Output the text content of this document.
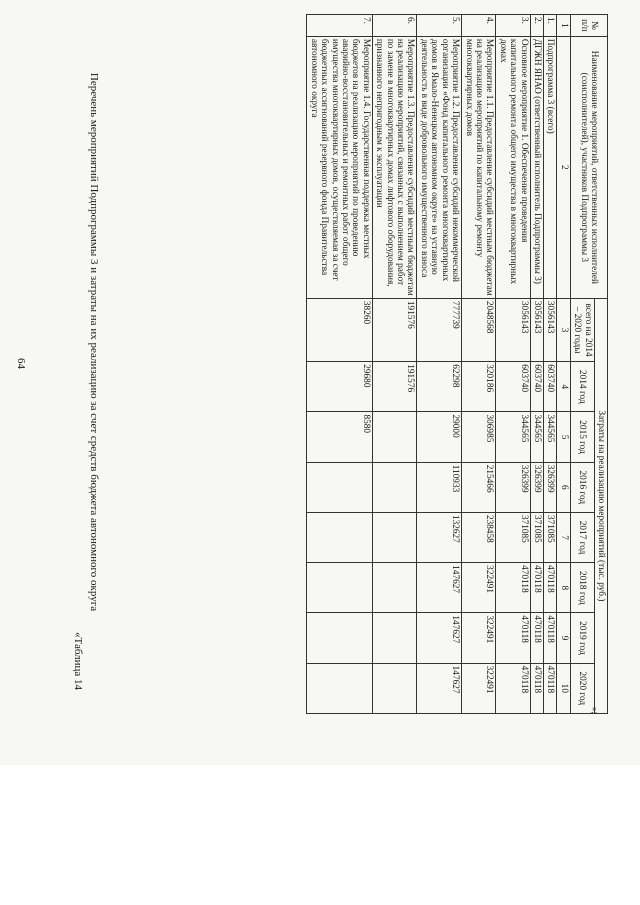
64
»;
№ п/п	Наименование мероприятий, ответственных исполнителей (соисполнителей), участников Подпрограммы 3	Затраты на реализацию мероприятий (тыс. руб.)							
		всего на 2014 – 2020 годы	2014 год	2015 год	2016 год	2017 год	2018 год	2019 год	2020 год
1	2	3	4	5	6	7	8	9	10
1.	Подпрограмма 3 (всего)	3056143	603740	344565	326399	371085	470118	470118	470118
2.	ДГЖН ЯНАО (ответственный исполнитель Подпрограммы 3)	3056143	603740	344565	326399	371085	470118	470118	470118
3.	Основное мероприятие 1. Обеспечение проведения капитального ремонта общего имущества в многоквартирных домах	3056143	603740	344565	326399	371085	470118	470118	470118
4.	Мероприятие 1.1. Предоставление субсидий местным бюджетам на реализацию мероприятий по капитальному ремонту многоквартирных домов	2048568	320186	306985	215466	238458	322491	322491	322491
5.	Мероприятие 1.2. Предоставление субсидий некоммерческой организации «Фонд капитального ремонта многоквартирных домов в Ямало-Ненецком автономном округе» на уставную деятельность в виде добровольного имущественного взноса	777739	62298	29000	110933	132627	147627	147627	147627
6.	Мероприятие 1.3. Предоставление субсидий местным бюджетам на реализацию мероприятий, связанных с выполнением работ по замене в многоквартирных домах лифтового оборудования, признанного непригодным к эксплуатации	191576	191576						
7.	Мероприятие 1.4. Государственная поддержка местных бюджетов на реализацию мероприятий по проведению аварийно-восстановительных и ремонтных работ общего имущества многоквартирных домов, осуществляемая за счет бюджетных ассигнований резервного фонда Правительства автономного округа	38260	29680	8580					
Перечень мероприятий Подпрограммы 3 и затраты на их реализацию за счет средств бюджета автономного округа
«Таблица 14
